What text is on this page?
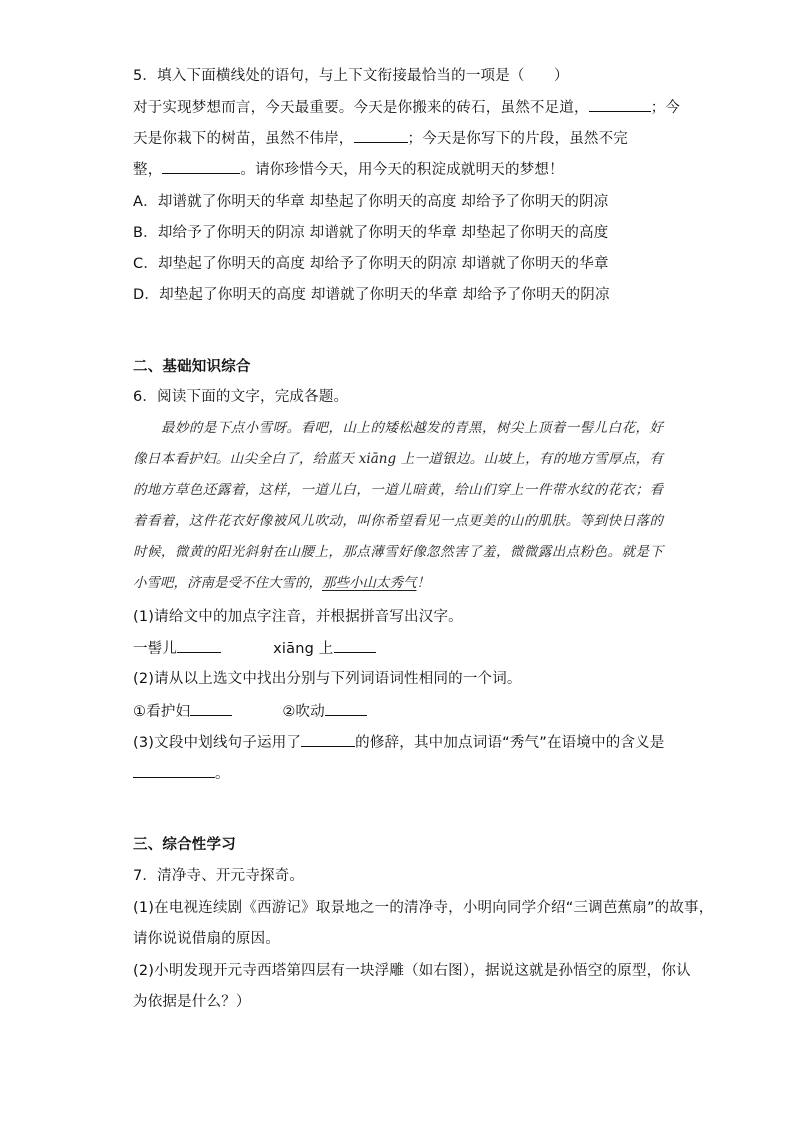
5．填入下面横线处的语句，与上下文衔接最恰当的一项是（　　）
对于实现梦想而言，今天最重要。今天是你搬来的砖石，虽然不足道，	；今
天是你栽下的树苗，虽然不伟岸，	；今天是你写下的片段，虽然不完
整，	。请你珍惜今天，用今天的积淀成就明天的梦想！
A．却谱就了你明天的华章 却垫起了你明天的高度 却给予了你明天的阴凉
B．却给予了你明天的阴凉 却谱就了你明天的华章 却垫起了你明天的高度
C．却垫起了你明天的高度 却给予了你明天的阴凉 却谱就了你明天的华章
D．却垫起了你明天的高度 却谱就了你明天的华章 却给予了你明天的阴凉
二、基础知识综合
6．阅读下面的文字，完成各题。
最妙的是下点小雪呀。看吧，山上的矮松越发的青黑，树尖上顶着一髻儿白花，好
像日本看护妇。山尖全白了，给蓝天 xiāng 上一道银边。山坡上，有的地方雪厚点，有
的地方草色还露着，这样，一道儿白，一道儿暗黄，给山们穿上一件带水纹的花衣；看
着看着，这件花衣好像被风儿吹动，叫你希望看见一点更美的山的肌肤。等到快日落的
时候，微黄的阳光斜射在山腰上，那点薄雪好像忽然害了羞，微微露出点粉色。就是下
小雪吧，济南是受不住大雪的，那些小山太秀气！
(1)请给文中的加点字注音，并根据拼音写出汉字。
一髻儿	xiāng 上
(2)请从以上选文中找出分别与下列词语词性相同的一个词。
①看护妇	②吹动
(3)文段中划线句子运用了	的修辞，其中加点词语“秀气”在语境中的含义是
。
三、综合性学习
7．清净寺、开元寺探奇。
(1)在电视连续剧《西游记》取景地之一的清净寺，小明向同学介绍“三调芭蕉扇”的故事，
请你说说借扇的原因。
(2)小明发现开元寺西塔第四层有一块浮雕（如右图），据说这就是孙悟空的原型，你认
为依据是什么？）
